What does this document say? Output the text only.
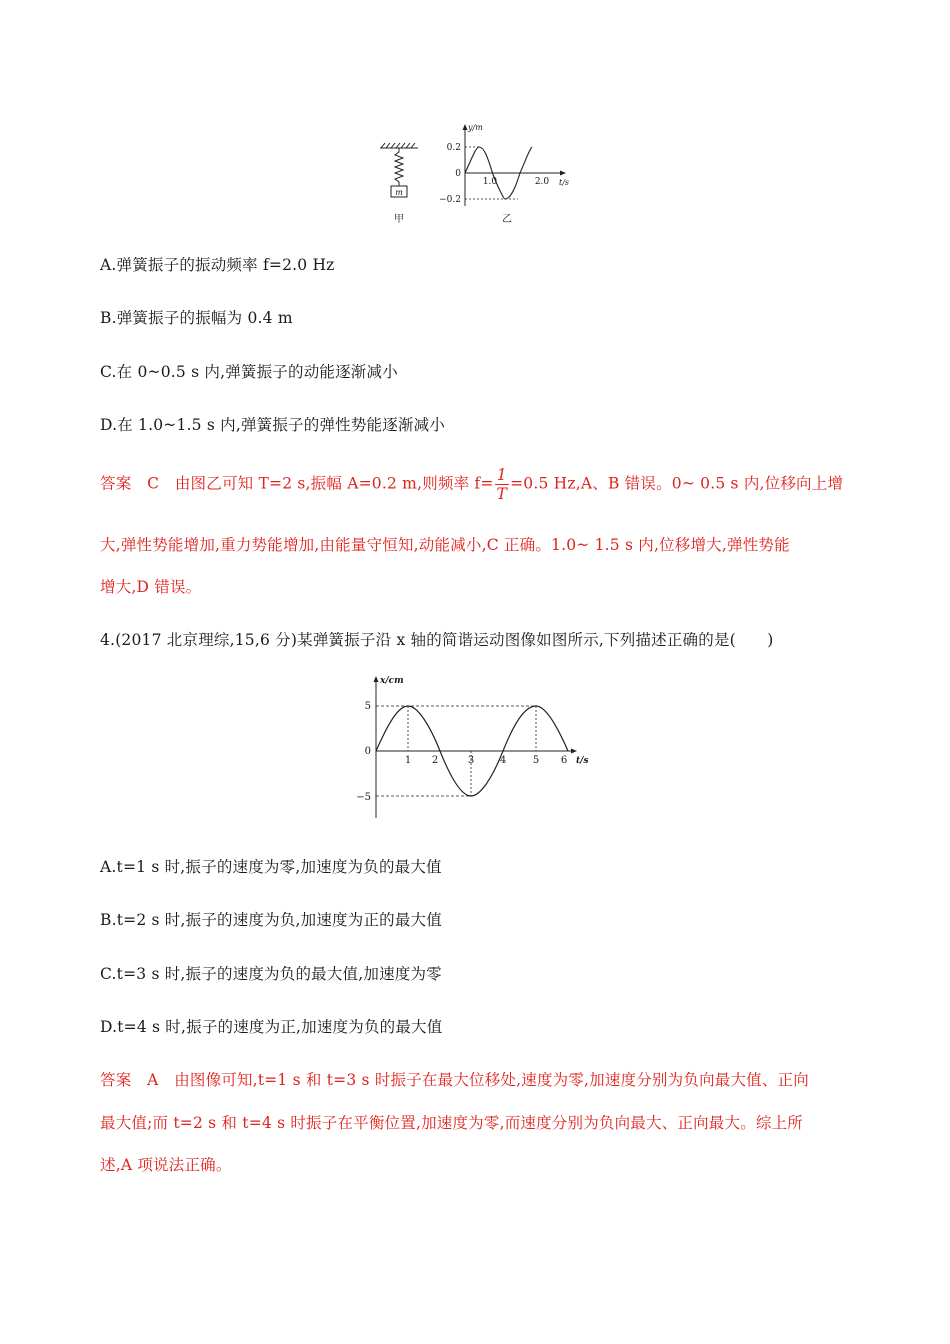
m
甲
y/m
0.2
0
−0.2
1.0	2.0 t/s
乙
A.弹簧振子的振动频率 f=2.0 Hz
B.弹簧振子的振幅为 0.4 m
C.在 0~0.5 s 内,弹簧振子的动能逐渐减小
D.在 1.0~1.5 s 内,弹簧振子的弹性势能逐渐减小
答案　C　由图乙可知 T=2 s,振幅 A=0.2 m,则频率 $f= \frac{1}{T} =0.5$ Hz,A、B 错误。0~ 0.5 s 内,位移向上增
大,弹性势能增加,重力势能增加,由能量守恒知,动能减小,C 正确。1.0~ 1.5 s 内,位移增大,弹性势能
增大,D 错误。
4.(2017 北京理综,15,6 分)某弹簧振子沿 x 轴的简谐运动图像如图所示,下列描述正确的是(　　)
x/cm
5
0
−5
1 2	3	4	5 6 t/s
A.t=1 s 时,振子的速度为零,加速度为负的最大值
B.t=2 s 时,振子的速度为负,加速度为正的最大值
C.t=3 s 时,振子的速度为负的最大值,加速度为零
D.t=4 s 时,振子的速度为正,加速度为负的最大值
答案　A　由图像可知,t=1 s 和 t=3 s 时振子在最大位移处,速度为零,加速度分别为负向最大值、正向
最大值;而 t=2 s 和 t=4 s 时振子在平衡位置,加速度为零,而速度分别为负向最大、正向最大。综上所
述,A 项说法正确。
